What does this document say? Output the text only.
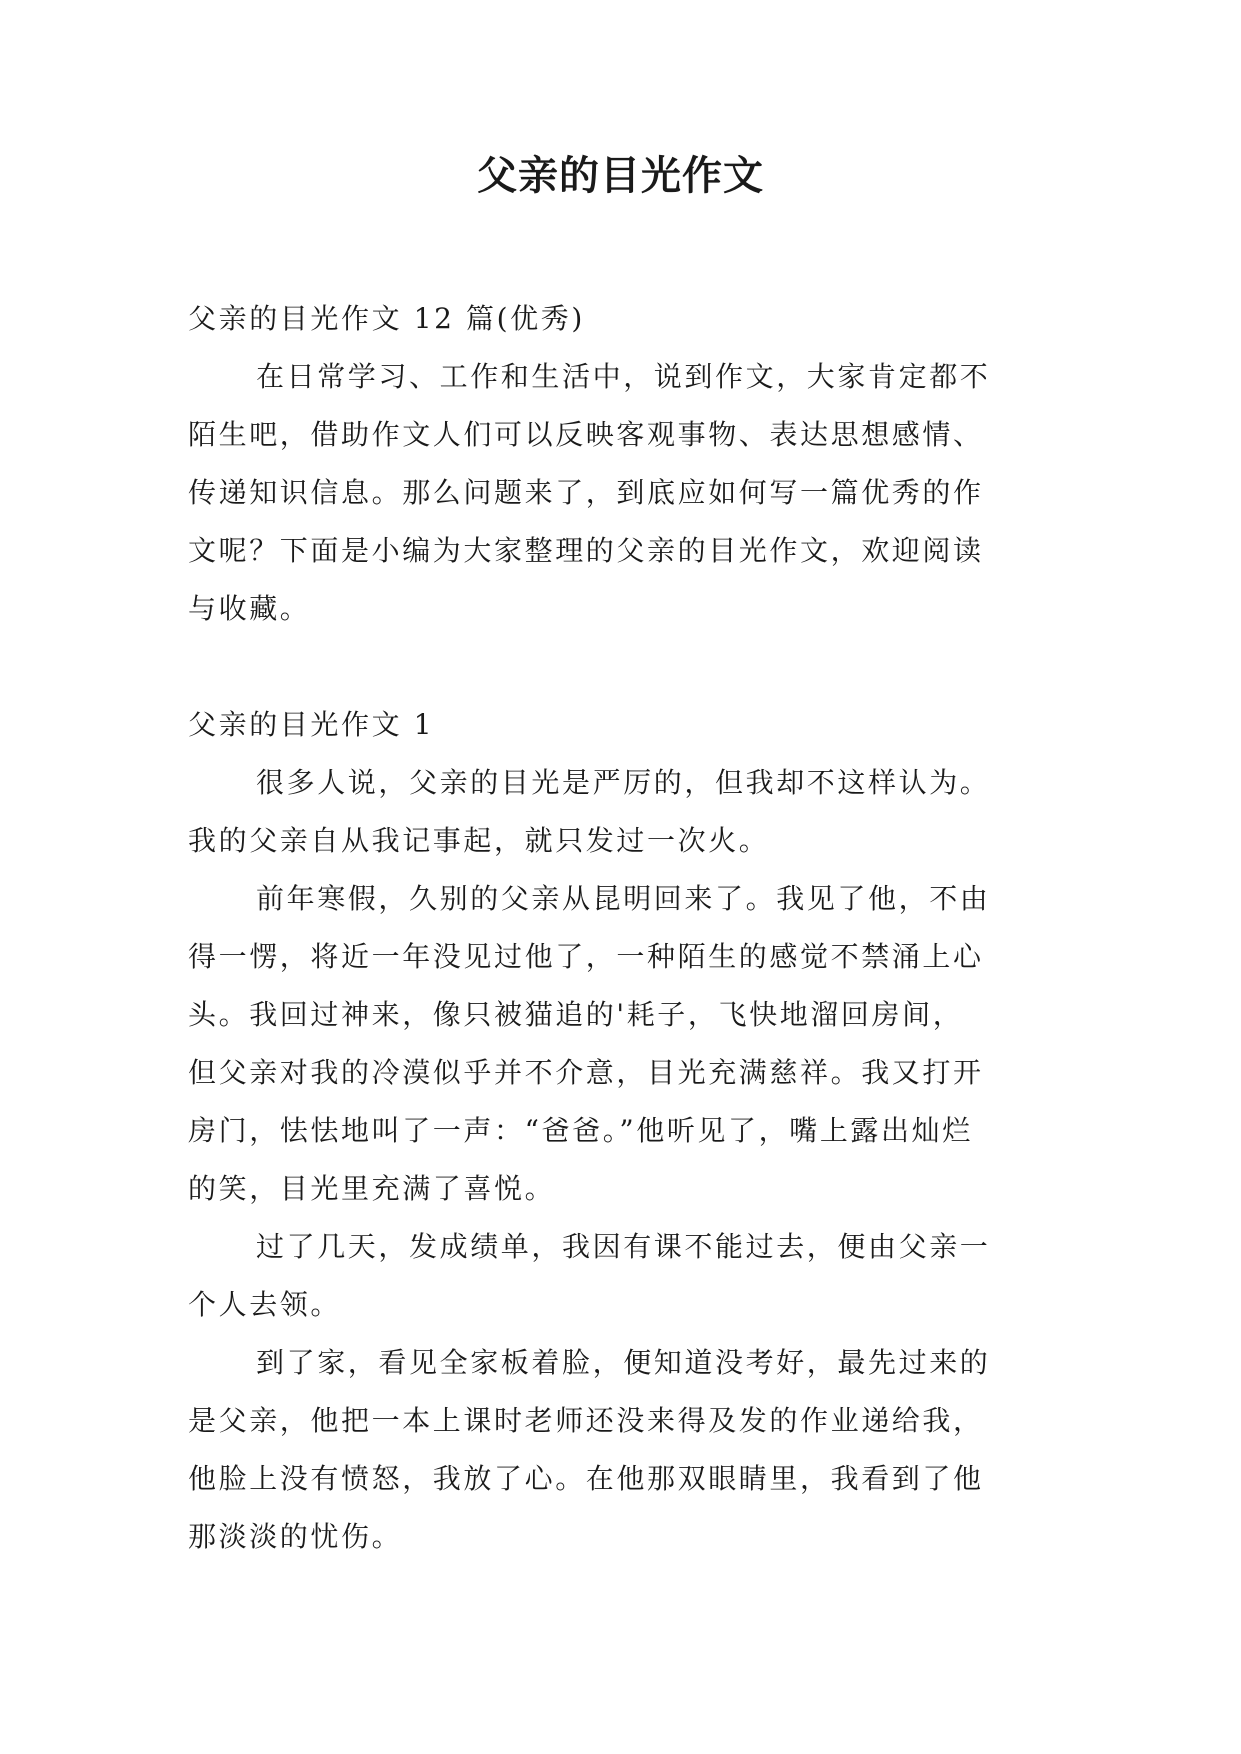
父亲的目光作文
父亲的目光作文 12 篇(优秀)
在日常学习、工作和生活中，说到作文，大家肯定都不
陌生吧，借助作文人们可以反映客观事物、表达思想感情、
传递知识信息。那么问题来了，到底应如何写一篇优秀的作
文呢？下面是小编为大家整理的父亲的目光作文，欢迎阅读
与收藏。
父亲的目光作文 1
很多人说，父亲的目光是严厉的，但我却不这样认为。
我的父亲自从我记事起，就只发过一次火。
前年寒假，久别的父亲从昆明回来了。我见了他，不由
得一愣，将近一年没见过他了，一种陌生的感觉不禁涌上心
头。我回过神来，像只被猫追的'耗子，飞快地溜回房间，
但父亲对我的冷漠似乎并不介意，目光充满慈祥。我又打开
房门，怯怯地叫了一声：“爸爸。”他听见了，嘴上露出灿烂
的笑，目光里充满了喜悦。
过了几天，发成绩单，我因有课不能过去，便由父亲一
个人去领。
到了家，看见全家板着脸，便知道没考好，最先过来的
是父亲，他把一本上课时老师还没来得及发的作业递给我，
他脸上没有愤怒，我放了心。在他那双眼睛里，我看到了他
那淡淡的忧伤。
